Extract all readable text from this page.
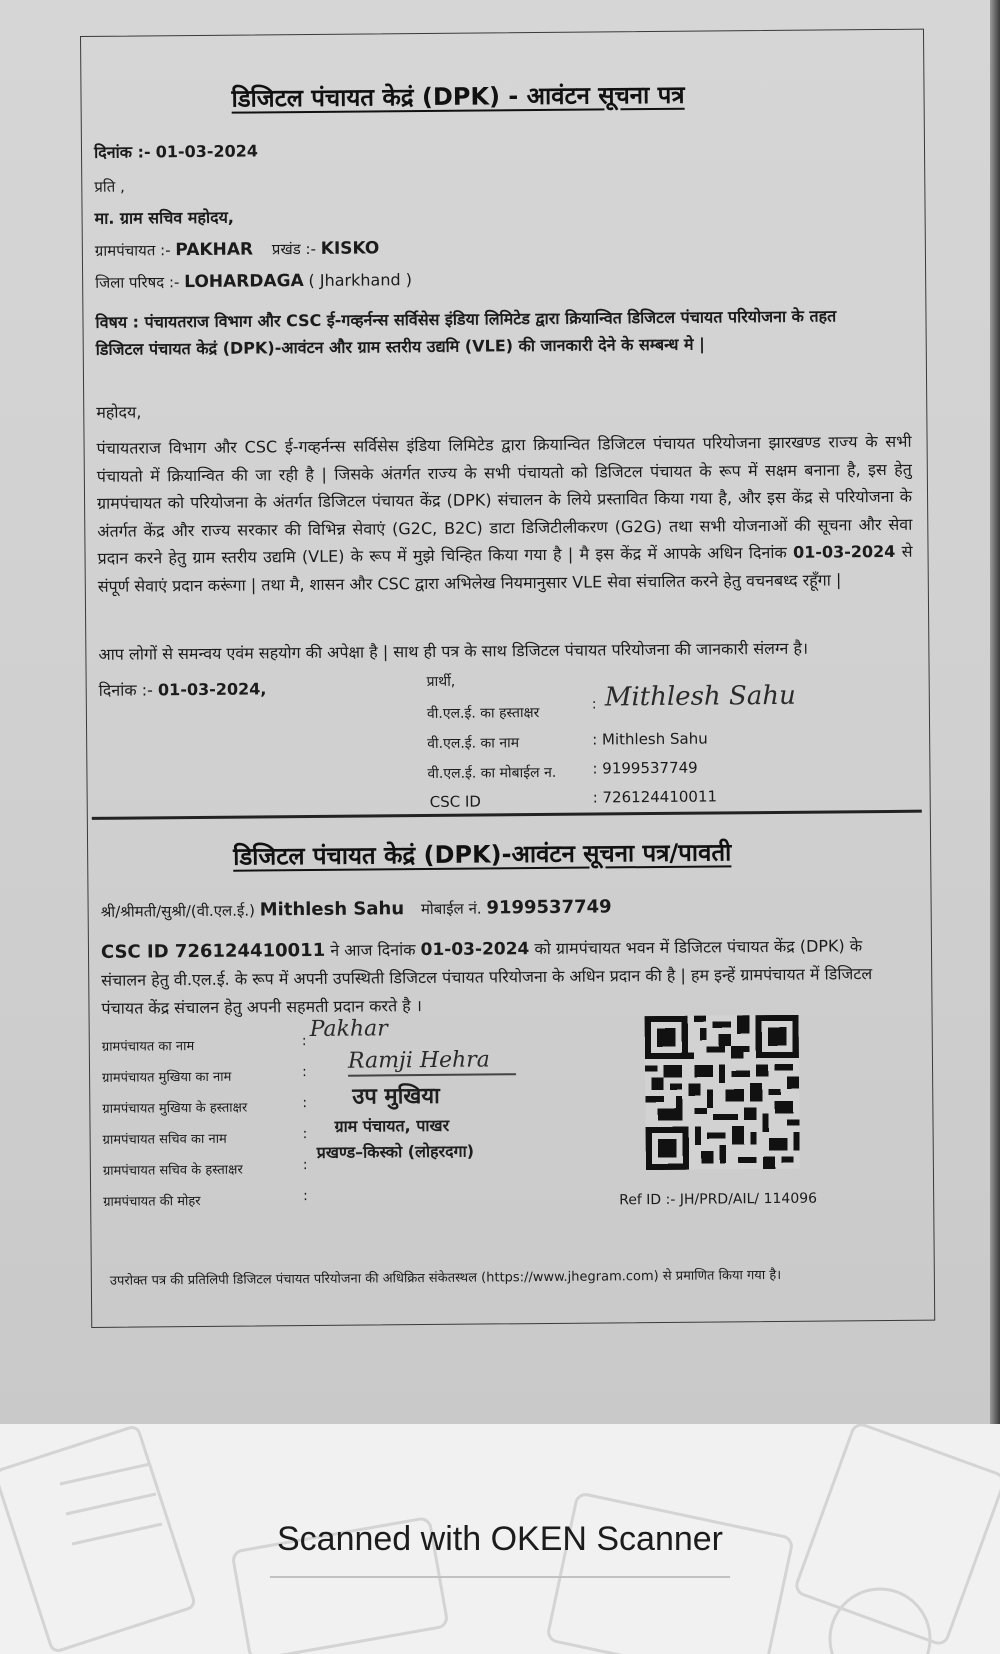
डिजिटल पंचायत केद्रं (DPK) - आवंटन सूचना पत्र
दिनांक :- 01-03-2024
प्रति ,
मा. ग्राम सचिव महोदय,
ग्रामपंचायत :- PAKHAR प्रखंड :- KISKO
जिला परिषद :- LOHARDAGA ( Jharkhand )
विषय : पंचायतराज विभाग और CSC ई-गव्हर्नन्स सर्विसेस इंडिया लिमिटेड द्वारा क्रियान्वित डिजिटल पंचायत परियोजना के तहत डिजिटल पंचायत केद्रं (DPK)-आवंटन और ग्राम स्तरीय उद्यमि (VLE) की जानकारी देने के सम्बन्ध मे |
महोदय,
पंचायतराज विभाग और CSC ई-गव्हर्नन्स सर्विसेस इंडिया लिमिटेड द्वारा क्रियान्वित डिजिटल पंचायत परियोजना झारखण्ड राज्य के सभी पंचायतो में क्रियान्वित की जा रही है | जिसके अंतर्गत राज्य के सभी पंचायतो को डिजिटल पंचायत के रूप में सक्षम बनाना है, इस हेतु ग्रामपंचायत को परियोजना के अंतर्गत डिजिटल पंचायत केंद्र (DPK) संचालन के लिये प्रस्तावित किया गया है, और इस केंद्र से परियोजना के अंतर्गत केंद्र और राज्य सरकार की विभिन्न सेवाएं (G2C, B2C) डाटा डिजिटीलीकरण (G2G) तथा सभी योजनाओं की सूचना और सेवा प्रदान करने हेतु ग्राम स्तरीय उद्यमि (VLE) के रूप में मुझे चिन्हित किया गया है | मै इस केंद्र में आपके अधिन दिनांक 01-03-2024 से संपूर्ण सेवाएं प्रदान करूंगा | तथा मै, शासन और CSC द्वारा अभिलेख नियमानुसार VLE सेवा संचालित करने हेतु वचनबध्द रहूँगा |
आप लोगों से समन्वय एवंम सहयोग की अपेक्षा है | साथ ही पत्र के साथ डिजिटल पंचायत परियोजना की जानकारी संलग्न है।
दिनांक :- 01-03-2024,	प्रार्थी,
वी.एल.ई. का हस्ताक्षर
वी.एल.ई. का नाम
वी.एल.ई. का मोबाईल न.
CSC ID
: Mithlesh Sahu
: Mithlesh Sahu
: 9199537749
: 726124410011
डिजिटल पंचायत केद्रं (DPK)-आवंटन सूचना पत्र/पावती
श्री/श्रीमती/सुश्री/(वी.एल.ई.) Mithlesh Sahu मोबाईल नं. 9199537749
CSC ID 726124410011 ने आज दिनांक 01-03-2024 को ग्रामपंचायत भवन में डिजिटल पंचायत केंद्र (DPK) के संचालन हेतु वी.एल.ई. के रूप में अपनी उपस्थिती डिजिटल पंचायत परियोजना के अधिन प्रदान की है | हम इन्हें ग्रामपंचायत में डिजिटल पंचायत केंद्र संचालन हेतु अपनी सहमती प्रदान करते है ।
ग्रामपंचायत का नाम
ग्रामपंचायत मुखिया का नाम
ग्रामपंचायत मुखिया के हस्ताक्षर
ग्रामपंचायत सचिव का नाम
ग्रामपंचायत सचिव के हस्ताक्षर
ग्रामपंचायत की मोहर
:
:
:
:
:
:
Pakhar
Ramji Hehra
उप मुखिया
ग्राम पंचायत, पाखर
प्रखण्ड–किस्को (लोहरदगा)
Ref ID :- JH/PRD/AIL/ 114096
उपरोक्त पत्र की प्रतिलिपी डिजिटल पंचायत परियोजना की अधिक्रित संकेतस्थल (https://www.jhegram.com) से प्रमाणित किया गया है।
Scanned with OKEN Scanner
